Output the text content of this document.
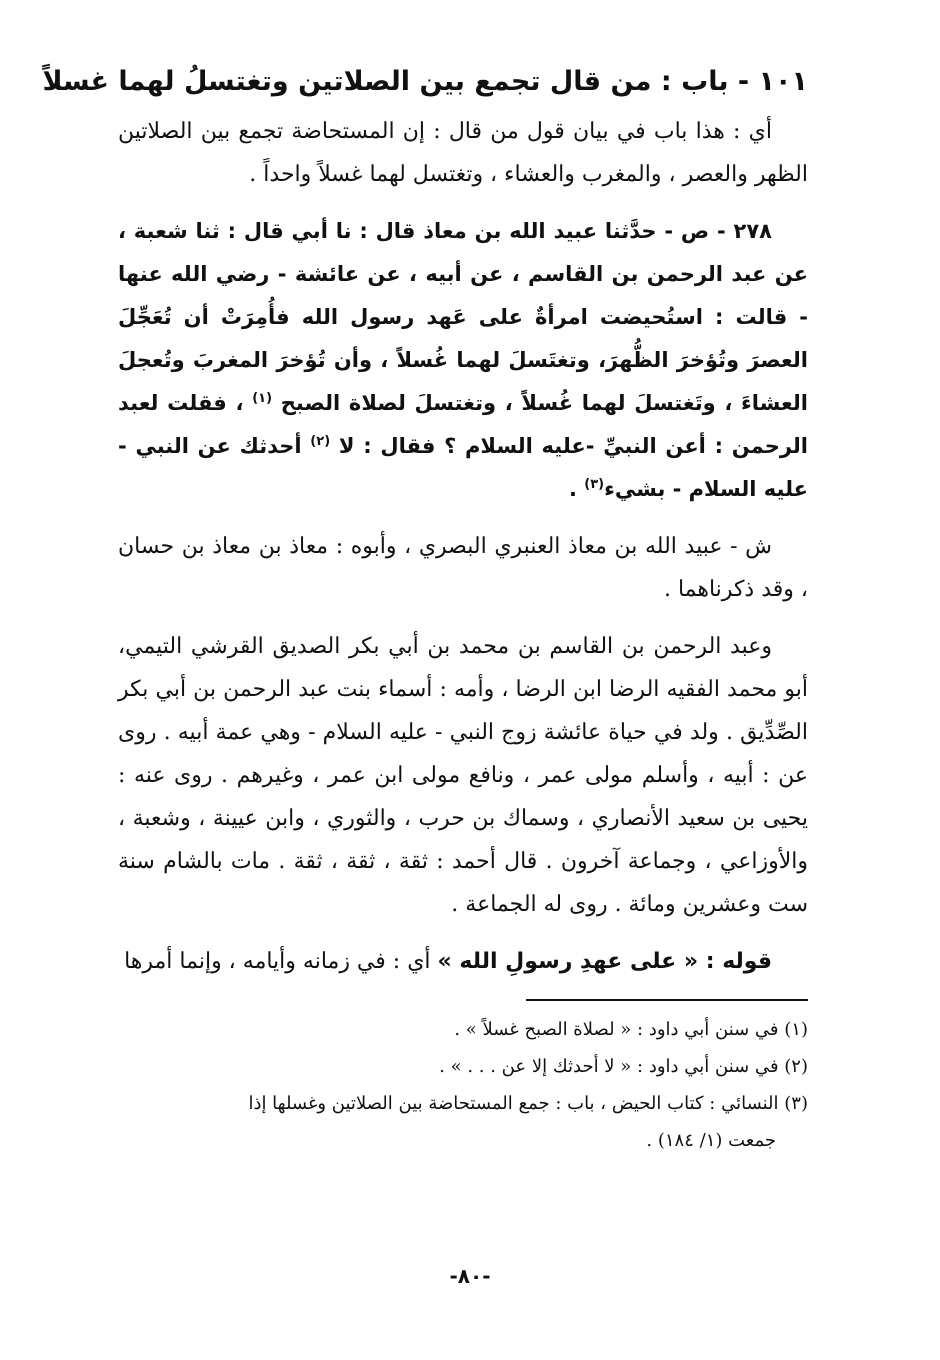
١٠١ - باب : من قال تجمع بين الصلاتين وتغتسلُ لهما غسلاً

أي : هذا باب في بيان قول من قال : إن المستحاضة تجمع بين الصلاتين الظهر والعصر ، والمغرب والعشاء ، وتغتسل لهما غسلاً واحداً .

٢٧٨ - ص - حدَّثنا عبيد الله بن معاذ قال : نا أبي قال : ثنا شعبة ، عن عبد الرحمن بن القاسم ، عن أبيه ، عن عائشة - رضي الله عنها - قالت : استُحيضت امرأةٌ على عَهد رسول الله فأُمِرَتْ أن تُعَجِّلَ العصرَ وتُؤخرَ الظُّهرَ، وتغتَسلَ لهما غُسلاً ، وأن تُؤخرَ المغربَ وتُعجلَ العشاءَ ، وتَغتسلَ لهما غُسلاً ، وتغتسلَ لصلاة الصبح $^{(١)}$ ، فقلت لعبد الرحمن : أعن النبيِّ -عليه السلام ؟ فقال : لا $^{(٢)}$ أحدثك عن النبي - عليه السلام - بشيء$^{(٣)}$ .

ش - عبيد الله بن معاذ العنبري البصري ، وأبوه : معاذ بن معاذ بن حسان ، وقد ذكرناهما .

وعبد الرحمن بن القاسم بن محمد بن أبي بكر الصديق القرشي التيمي، أبو محمد الفقيه الرضا ابن الرضا ، وأمه : أسماء بنت عبد الرحمن بن أبي بكر الصِّدِّيق . ولد في حياة عائشة زوج النبي - عليه السلام - وهي عمة أبيه . روى عن : أبيه ، وأسلم مولى عمر ، ونافع مولى ابن عمر ، وغيرهم . روى عنه : يحيى بن سعيد الأنصاري ، وسماك بن حرب ، والثوري ، وابن عيينة ، وشعبة ، والأوزاعي ، وجماعة آخرون . قال أحمد : ثقة ، ثقة ، ثقة . مات بالشام سنة ست وعشرين ومائة . روى له الجماعة .

قوله : « على عهدِ رسولِ الله » أي : في زمانه وأيامه ، وإنما أمرها

(١) في سنن أبي داود : « لصلاة الصبح غسلاً » .

(٢) في سنن أبي داود : « لا أحدثك إلا عن . . . » .

(٣) النسائي : كتاب الحيض ، باب : جمع المستحاضة بين الصلاتين وغسلها إذا

جمعت (١/ ١٨٤) .

-٨٠-
